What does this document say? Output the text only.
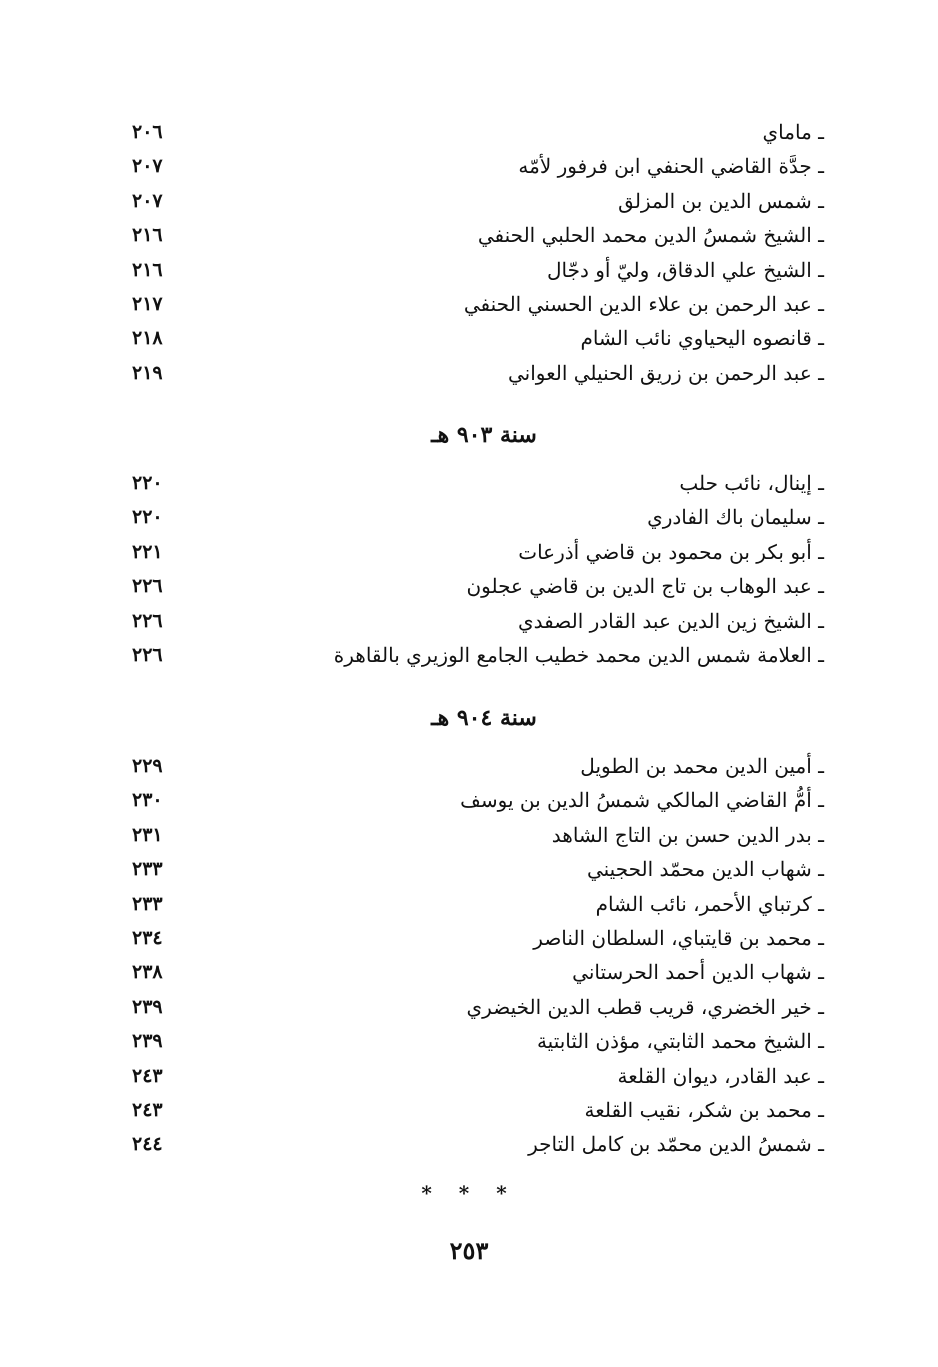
ـ ماماي
٢٠٦
ـ جدَّة القاضي الحنفي ابن فرفور لأمّه
٢٠٧
ـ شمس الدين بن المزلق
٢٠٧
ـ الشيخ شمسُ الدين محمد الحلبي الحنفي
٢١٦
ـ الشيخ علي الدقاق، وليّ أو دجّال
٢١٦
ـ عبد الرحمن بن علاء الدين الحسني الحنفي
٢١٧
ـ قانصوه اليحياوي نائب الشام
٢١٨
ـ عبد الرحمن بن زريق الحنيلي العواني
٢١٩
سنة ٩٠٣ هـ
ـ إينال، نائب حلب
٢٢٠
ـ سليمان باك الفادري
٢٢٠
ـ أبو بكر بن محمود بن قاضي أذرعات
٢٢١
ـ عبد الوهاب بن تاج الدين بن قاضي عجلون
٢٢٦
ـ الشيخ زين الدين عبد القادر الصفدي
٢٢٦
ـ العلامة شمس الدين محمد خطيب الجامع الوزيري بالقاهرة
٢٢٦
سنة ٩٠٤ هـ
ـ أمين الدين محمد بن الطويل
٢٢٩
ـ أمُّ القاضي المالكي شمسُ الدين بن يوسف
٢٣٠
ـ بدر الدين حسن بن التاج الشاهد
٢٣١
ـ شهاب الدين محمّد الحجيني
٢٣٣
ـ كرتباي الأحمر، نائب الشام
٢٣٣
ـ محمد بن قايتباي، السلطان الناصر
٢٣٤
ـ شهاب الدين أحمد الحرستاني
٢٣٨
ـ خير الخضري، قريب قطب الدين الخيضري
٢٣٩
ـ الشيخ محمد الثابتي، مؤذن الثابتية
٢٣٩
ـ عبد القادر، ديوان القلعة
٢٤٣
ـ محمد بن شكر، نقيب القلعة
٢٤٣
ـ شمسُ الدين محمّد بن كامل التاجر
٢٤٤
* * *
٢٥٣
